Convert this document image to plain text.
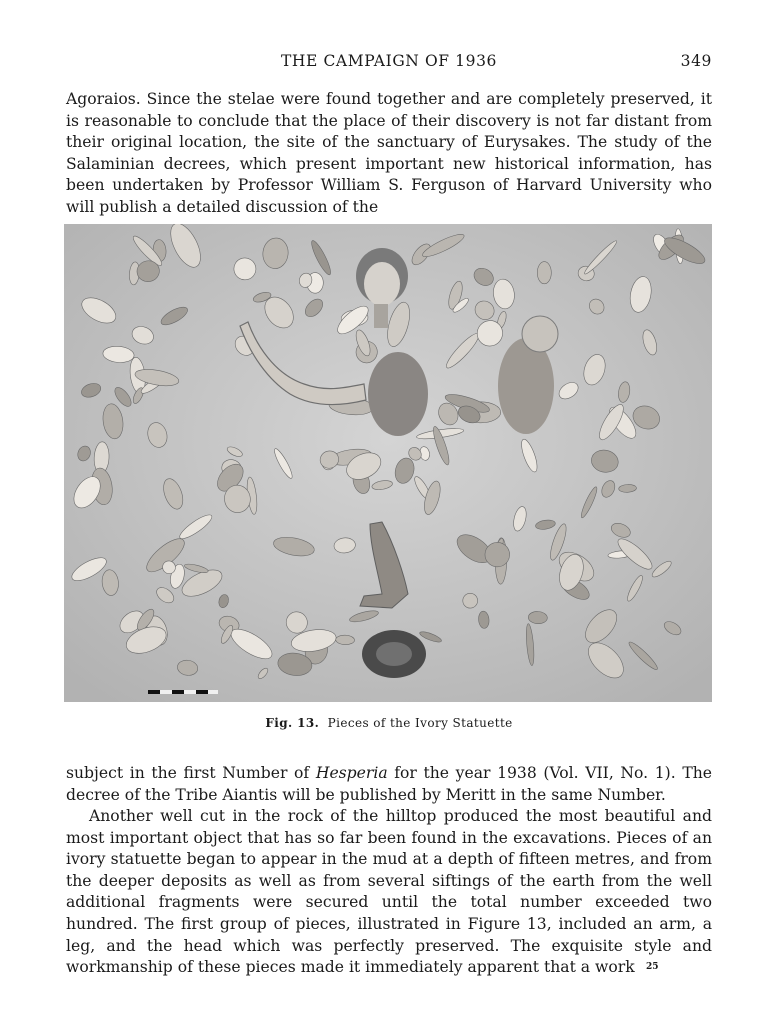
THE CAMPAIGN OF 1936	349

Agoraios. Since the stelae were found together and are completely preserved, it is reasonable to conclude that the place of their discovery is not far distant from their original location, the site of the sanctuary of Eurysakes. The study of the Salaminian decrees, which present important new historical information, has been undertaken by Professor William S. Ferguson of Harvard University who will publish a detailed discussion of the

Fig. 13. Pieces of the Ivory Statuette

subject in the first Number of Hesperia for the year 1938 (Vol. VII, No. 1). The decree of the Tribe Aiantis will be published by Meritt in the same Number.

Another well cut in the rock of the hilltop produced the most beautiful and most important object that has so far been found in the excavations. Pieces of an ivory statuette began to appear in the mud at a depth of fifteen metres, and from the deeper deposits as well as from several siftings of the earth from the well additional fragments were secured until the total number exceeded two hundred. The first group of pieces, illustrated in Figure 13, included an arm, a leg, and the head which was perfectly preserved. The exquisite style and workmanship of these pieces made it immediately apparent that a work	25
